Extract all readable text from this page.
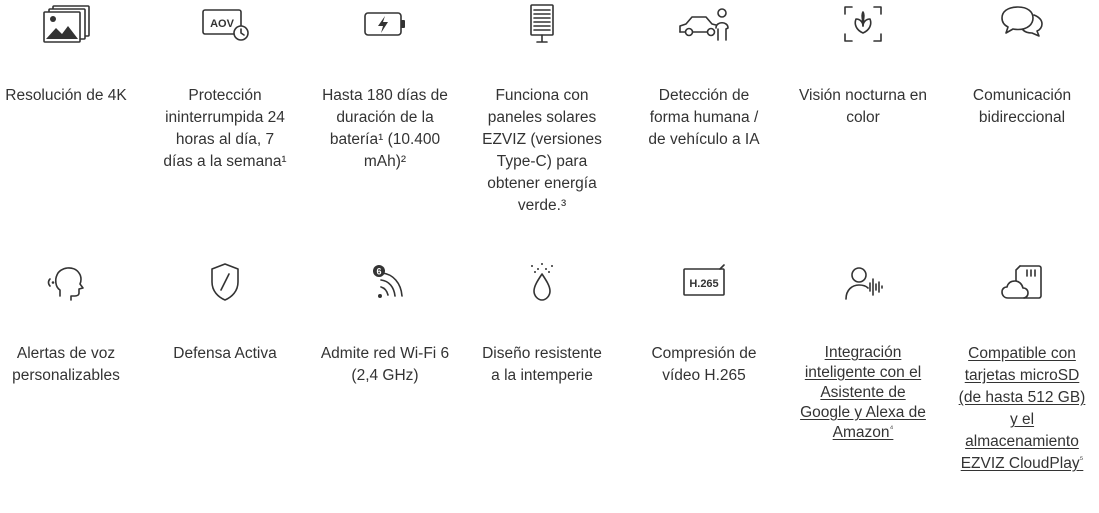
Resolución de 4K
AOV
Protección ininterrumpida 24 horas al día, 7 días a la semana¹
Hasta 180 días de duración de la batería¹ (10.400 mAh)²
Funciona con paneles solares EZVIZ (versiones Type-C) para obtener energía verde.³
Detección de forma humana / de vehículo a IA
Visión nocturna en color
Comunicación bidireccional
Alertas de voz personalizables
Defensa Activa
6
Admite red Wi-Fi 6 (2,4 GHz)
Diseño resistente a la intemperie
H.265
Compresión de vídeo H.265
Integración inteligente con el Asistente de Google y Alexa de Amazon$^{^4}$
Compatible con tarjetas microSD (de hasta 512 GB) y el almacenamiento EZVIZ CloudPlay$^{^5}$
